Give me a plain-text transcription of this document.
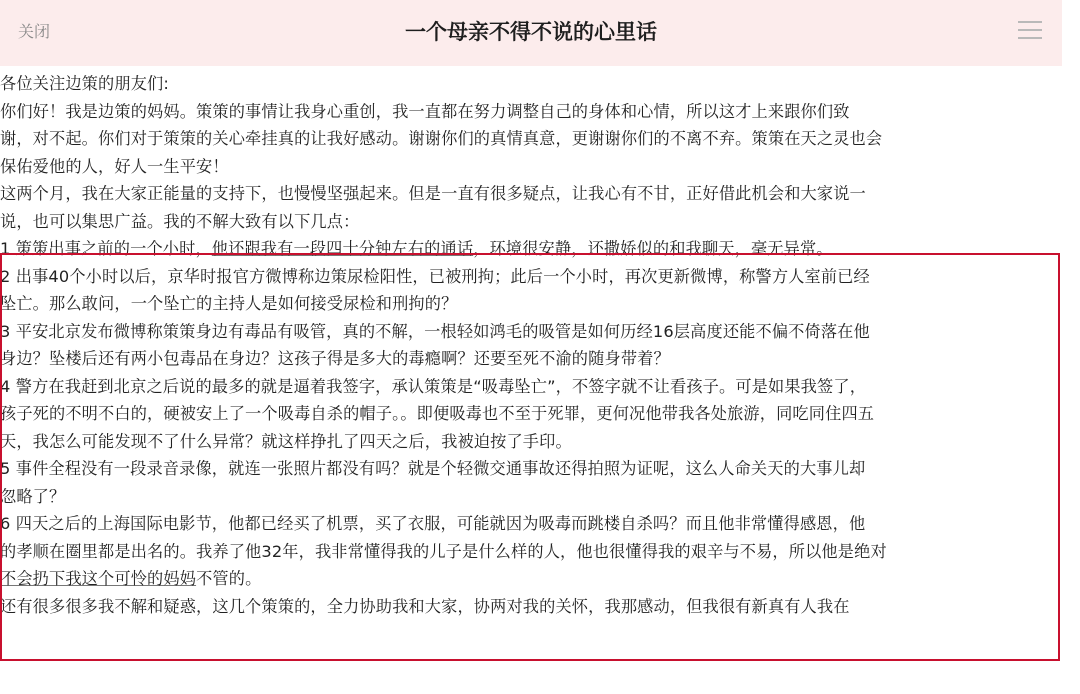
关闭	一个母亲不得不说的心里话
各位关注边策的朋友们:
你们好！我是边策的妈妈。策策的事情让我身心重创，我一直都在努力调整自己的身体和心情，所以这才上来跟你们致
谢，对不起。你们对于策策的关心牵挂真的让我好感动。谢谢你们的真情真意，更谢谢你们的不离不弃。策策在天之灵也会
保佑爱他的人，好人一生平安！
这两个月，我在大家正能量的支持下，也慢慢坚强起来。但是一直有很多疑点，让我心有不甘，正好借此机会和大家说一
说，也可以集思广益。我的不解大致有以下几点：
1 策策出事之前的一个小时，他还跟我有一段四十分钟左右的通话，环境很安静，还撒娇似的和我聊天，毫无异常。
2 出事40个小时以后，京华时报官方微博称边策尿检阳性，已被刑拘；此后一个小时，再次更新微博，称警方人室前已经
坠亡。那么敢问，一个坠亡的主持人是如何接受尿检和刑拘的？
3 平安北京发布微博称策策身边有毒品有吸管，真的不解，一根轻如鸿毛的吸管是如何历经16层高度还能不偏不倚落在他
身边？坠楼后还有两小包毒品在身边？这孩子得是多大的毒瘾啊？还要至死不渝的随身带着？
4 警方在我赶到北京之后说的最多的就是逼着我签字，承认策策是“吸毒坠亡”，不签字就不让看孩子。可是如果我签了，
孩子死的不明不白的，硬被安上了一个吸毒自杀的帽子。。即便吸毒也不至于死罪，更何况他带我各处旅游，同吃同住四五
天，我怎么可能发现不了什么异常？就这样挣扎了四天之后，我被迫按了手印。
5 事件全程没有一段录音录像，就连一张照片都没有吗？就是个轻微交通事故还得拍照为证呢，这么人命关天的大事儿却
忽略了？
6 四天之后的上海国际电影节，他都已经买了机票，买了衣服，可能就因为吸毒而跳楼自杀吗？而且他非常懂得感恩，他
的孝顺在圈里都是出名的。我养了他32年，我非常懂得我的儿子是什么样的人，他也很懂得我的艰辛与不易，所以他是绝对
不会扔下我这个可怜的妈妈不管的。
还有很多很多我不解和疑惑，这几个策策的，全力协助我和大家，协两对我的关怀，我那感动，但我很有新真有人我在
